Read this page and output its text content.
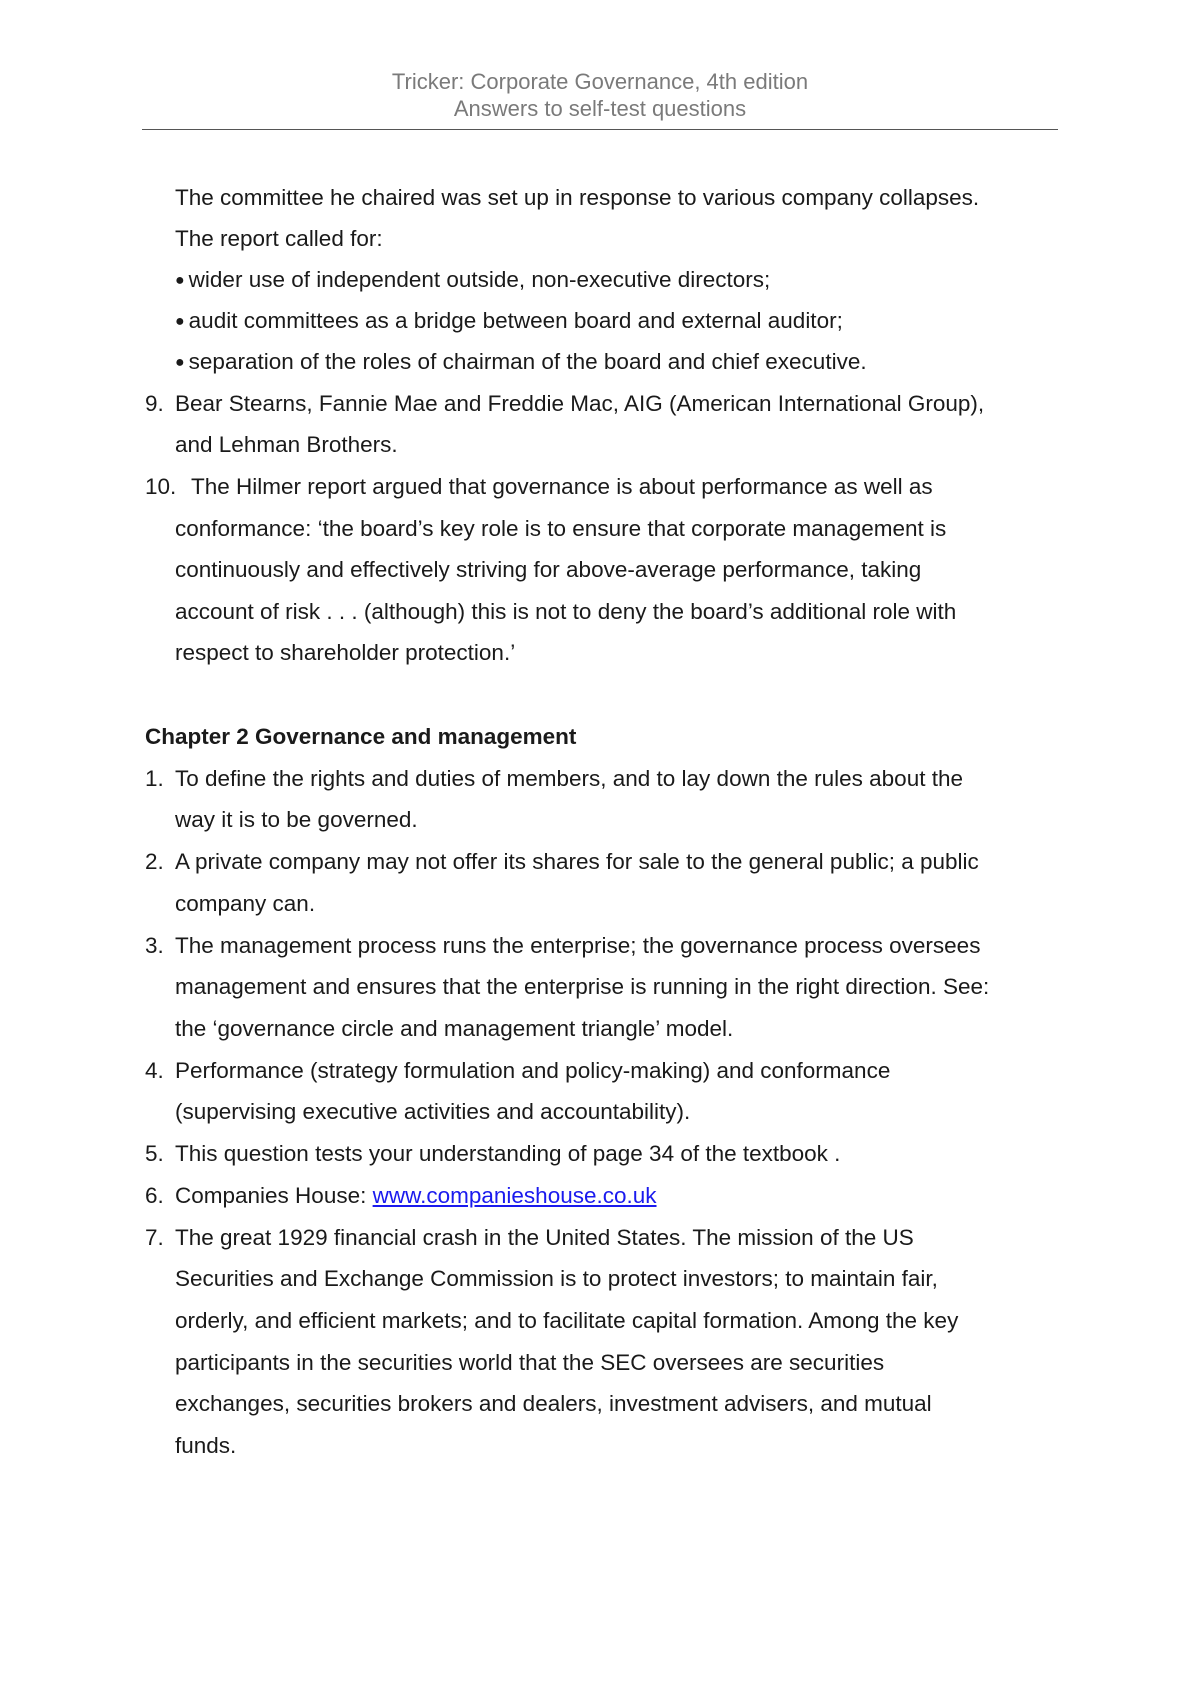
Tricker: Corporate Governance, 4th edition
Answers to self-test questions
The committee he chaired was set up in response to various company collapses.
The report called for:
● wider use of independent outside, non-executive directors;
● audit committees as a bridge between board and external auditor;
● separation of the roles of chairman of the board and chief executive.
9. Bear Stearns, Fannie Mae and Freddie Mac, AIG (American International Group),
and Lehman Brothers.
10. The Hilmer report argued that governance is about performance as well as
conformance: ‘the board’s key role is to ensure that corporate management is
continuously and effectively striving for above-average performance, taking
account of risk . . . (although) this is not to deny the board’s additional role with
respect to shareholder protection.’
Chapter 2 Governance and management
1. To define the rights and duties of members, and to lay down the rules about the
way it is to be governed.
2. A private company may not offer its shares for sale to the general public; a public
company can.
3. The management process runs the enterprise; the governance process oversees
management and ensures that the enterprise is running in the right direction. See:
the ‘governance circle and management triangle’ model.
4. Performance (strategy formulation and policy-making) and conformance
(supervising executive activities and accountability).
5. This question tests your understanding of page 34 of the textbook .
6. Companies House: www.companieshouse.co.uk
7. The great 1929 financial crash in the United States. The mission of the US
Securities and Exchange Commission is to protect investors; to maintain fair,
orderly, and efficient markets; and to facilitate capital formation. Among the key
participants in the securities world that the SEC oversees are securities
exchanges, securities brokers and dealers, investment advisers, and mutual
funds.
